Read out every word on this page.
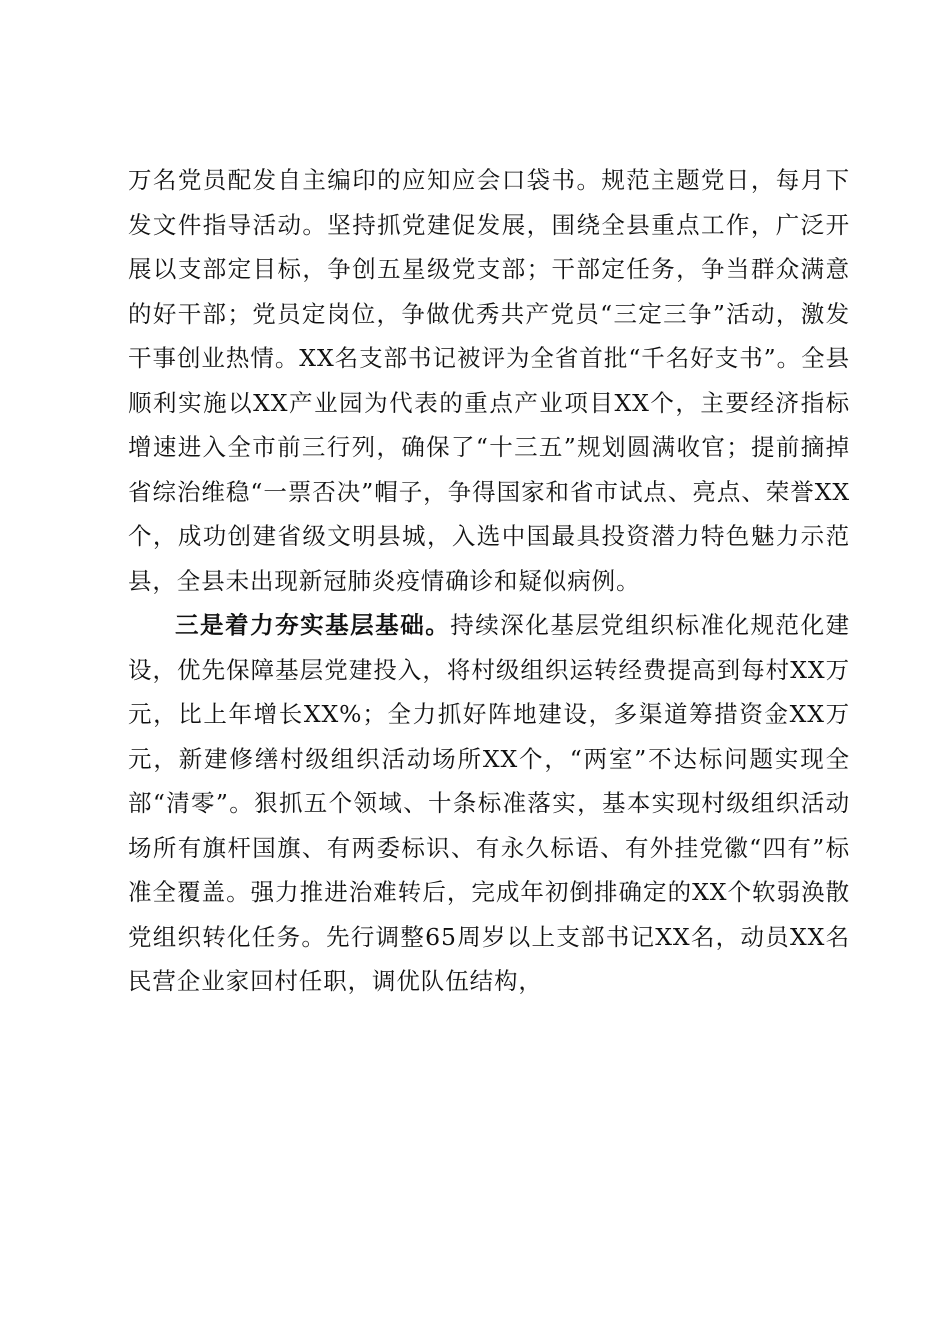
万名党员配发自主编印的应知应会口袋书。规范主题党日，每月下发文件指导活动。坚持抓党建促发展，围绕全县重点工作，广泛开展以支部定目标，争创五星级党支部；干部定任务，争当群众满意的好干部；党员定岗位，争做优秀共产党员“三定三争”活动，激发干事创业热情。XX名支部书记被评为全省首批“千名好支书”。全县顺利实施以XX产业园为代表的重点产业项目XX个，主要经济指标增速进入全市前三行列，确保了“十三五”规划圆满收官；提前摘掉省综治维稳“一票否决”帽子，争得国家和省市试点、亮点、荣誉XX个，成功创建省级文明县城，入选中国最具投资潜力特色魅力示范县，全县未出现新冠肺炎疫情确诊和疑似病例。

三是着力夯实基层基础。持续深化基层党组织标准化规范化建设，优先保障基层党建投入，将村级组织运转经费提高到每村XX万元，比上年增长XX%；全力抓好阵地建设，多渠道筹措资金XX万元，新建修缮村级组织活动场所XX个，“两室”不达标问题实现全部“清零”。狠抓五个领域、十条标准落实，基本实现村级组织活动场所有旗杆国旗、有两委标识、有永久标语、有外挂党徽“四有”标准全覆盖。强力推进治难转后，完成年初倒排确定的XX个软弱涣散党组织转化任务。先行调整65周岁以上支部书记XX名，动员XX名民营企业家回村任职，调优队伍结构，
